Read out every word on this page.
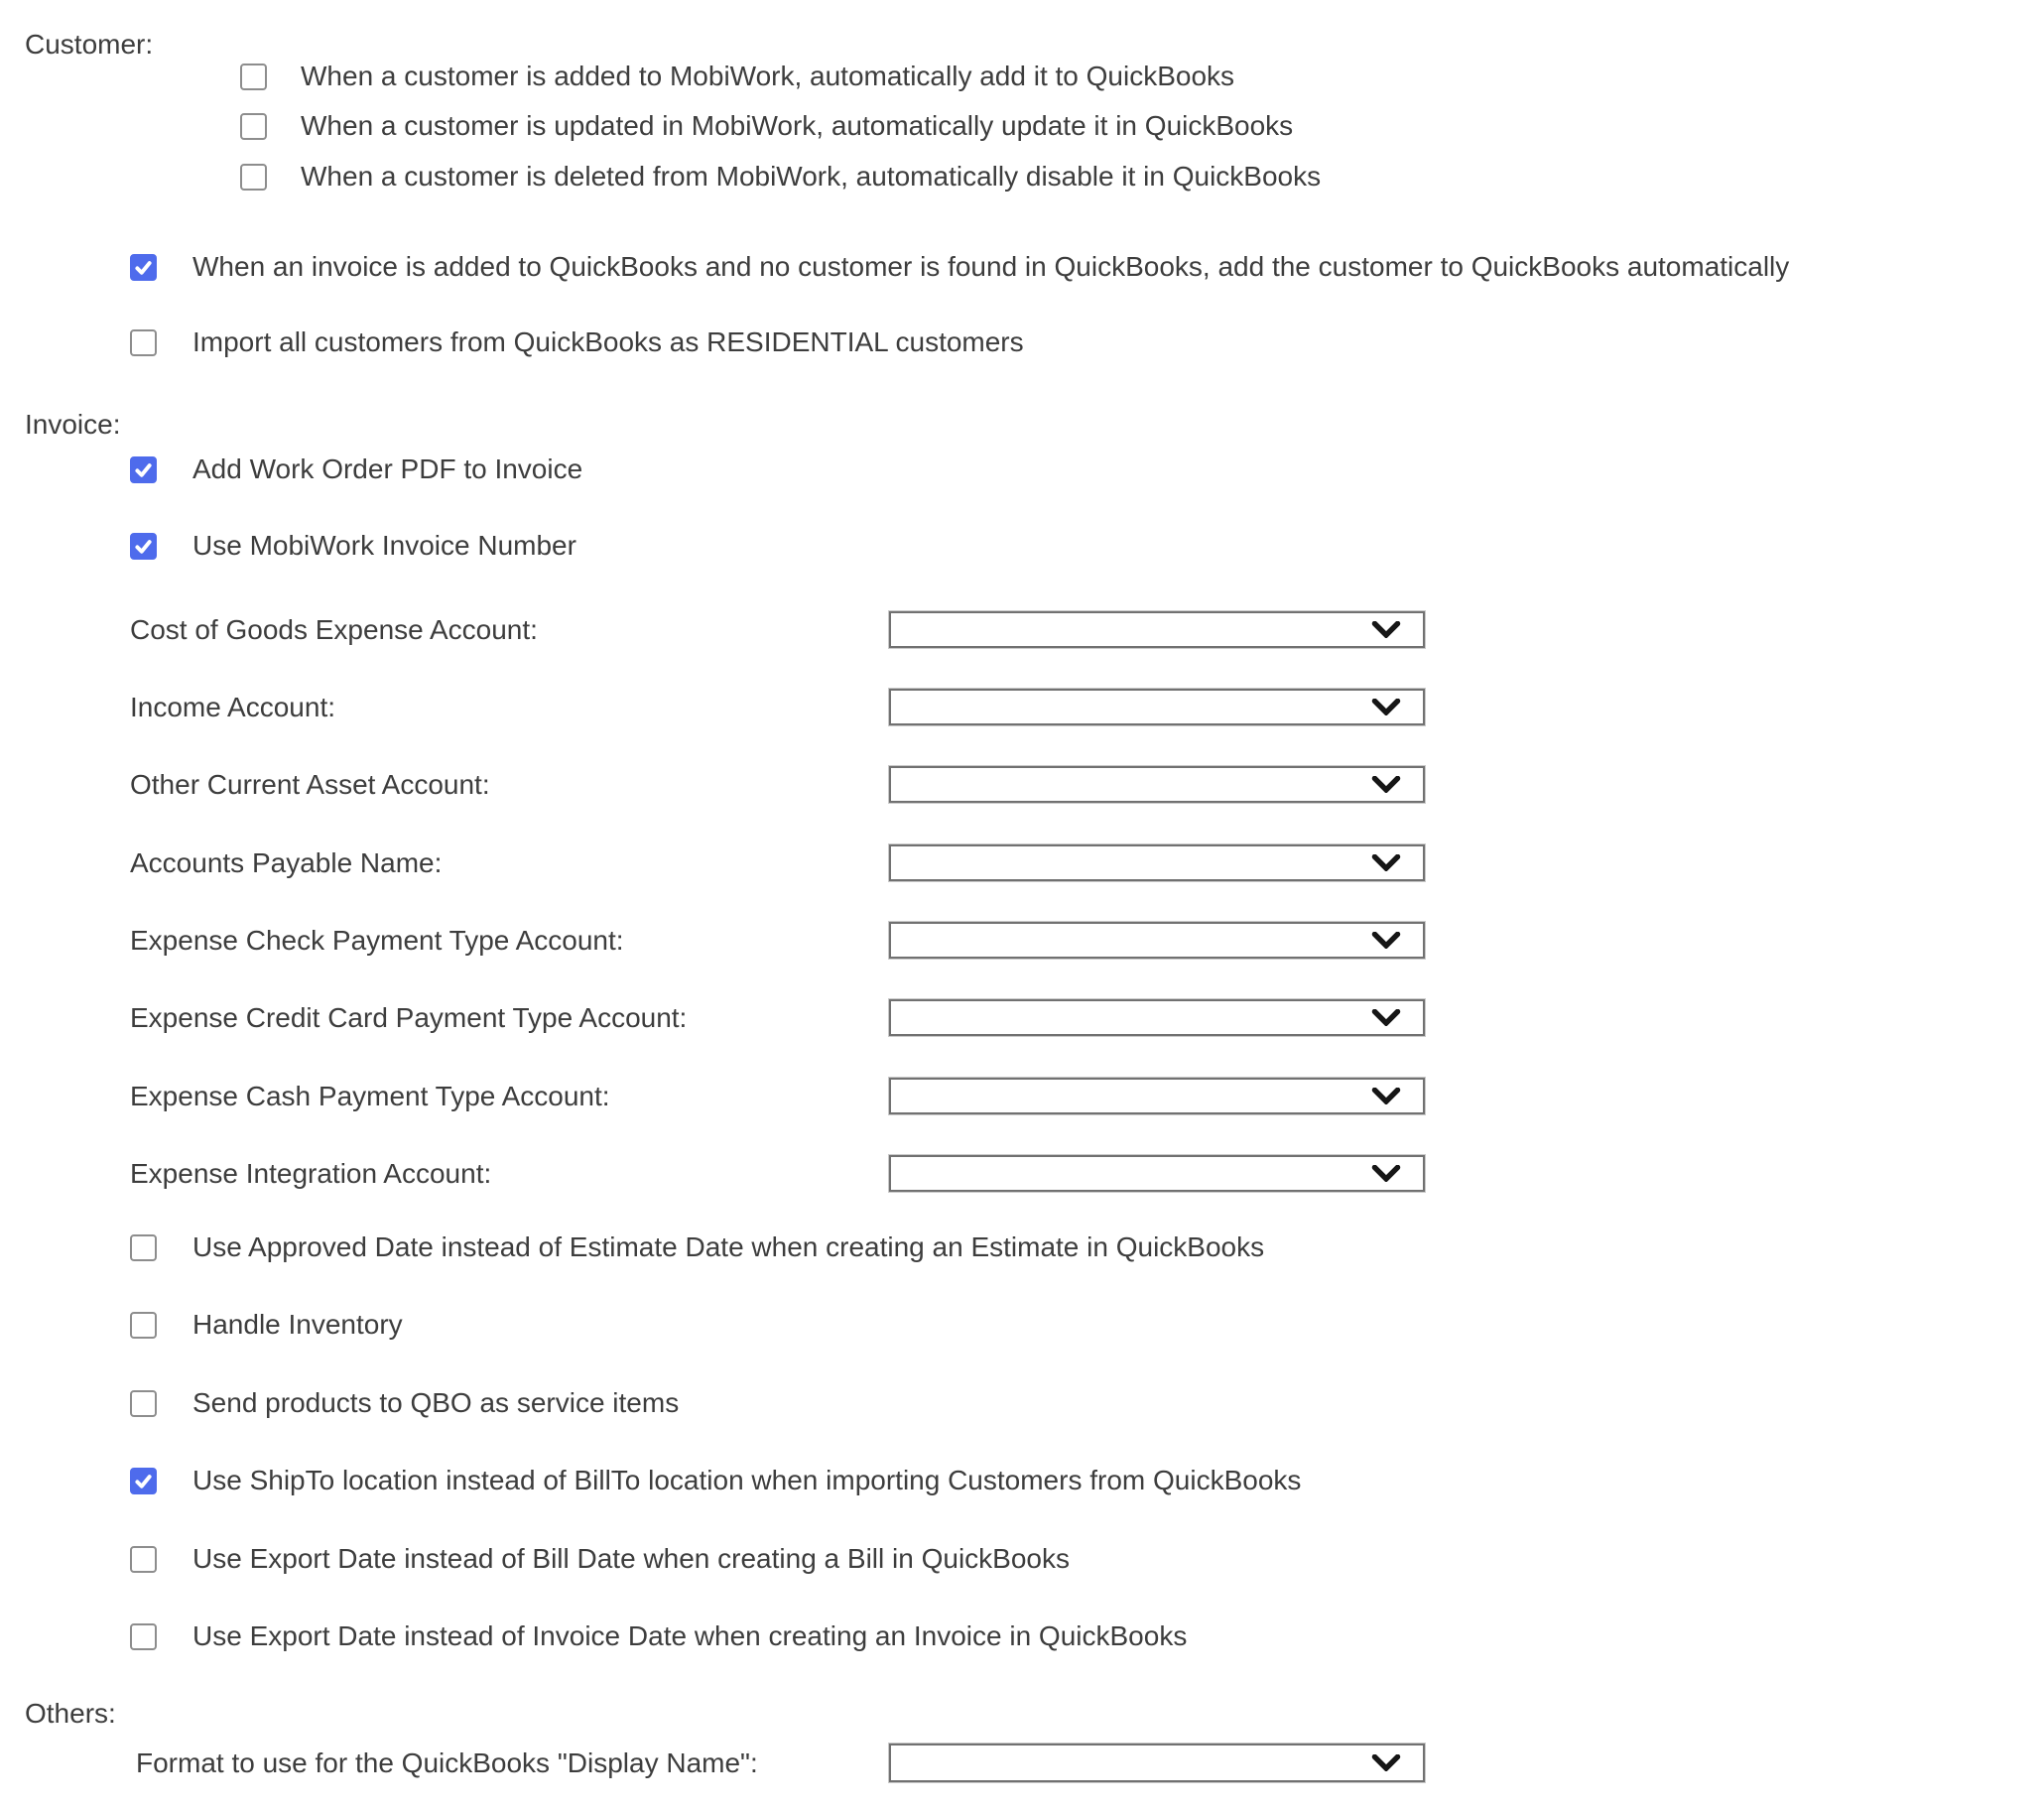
Customer:
When a customer is added to MobiWork, automatically add it to QuickBooks
When a customer is updated in MobiWork, automatically update it in QuickBooks
When a customer is deleted from MobiWork, automatically disable it in QuickBooks
When an invoice is added to QuickBooks and no customer is found in QuickBooks, add the customer to QuickBooks automatically
Import all customers from QuickBooks as RESIDENTIAL customers
Invoice:
Add Work Order PDF to Invoice
Use MobiWork Invoice Number
Cost of Goods Expense Account:
Income Account:
Other Current Asset Account:
Accounts Payable Name:
Expense Check Payment Type Account:
Expense Credit Card Payment Type Account:
Expense Cash Payment Type Account:
Expense Integration Account:
Use Approved Date instead of Estimate Date when creating an Estimate in QuickBooks
Handle Inventory
Send products to QBO as service items
Use ShipTo location instead of BillTo location when importing Customers from QuickBooks
Use Export Date instead of Bill Date when creating a Bill in QuickBooks
Use Export Date instead of Invoice Date when creating an Invoice in QuickBooks
Others:
Format to use for the QuickBooks "Display Name":
